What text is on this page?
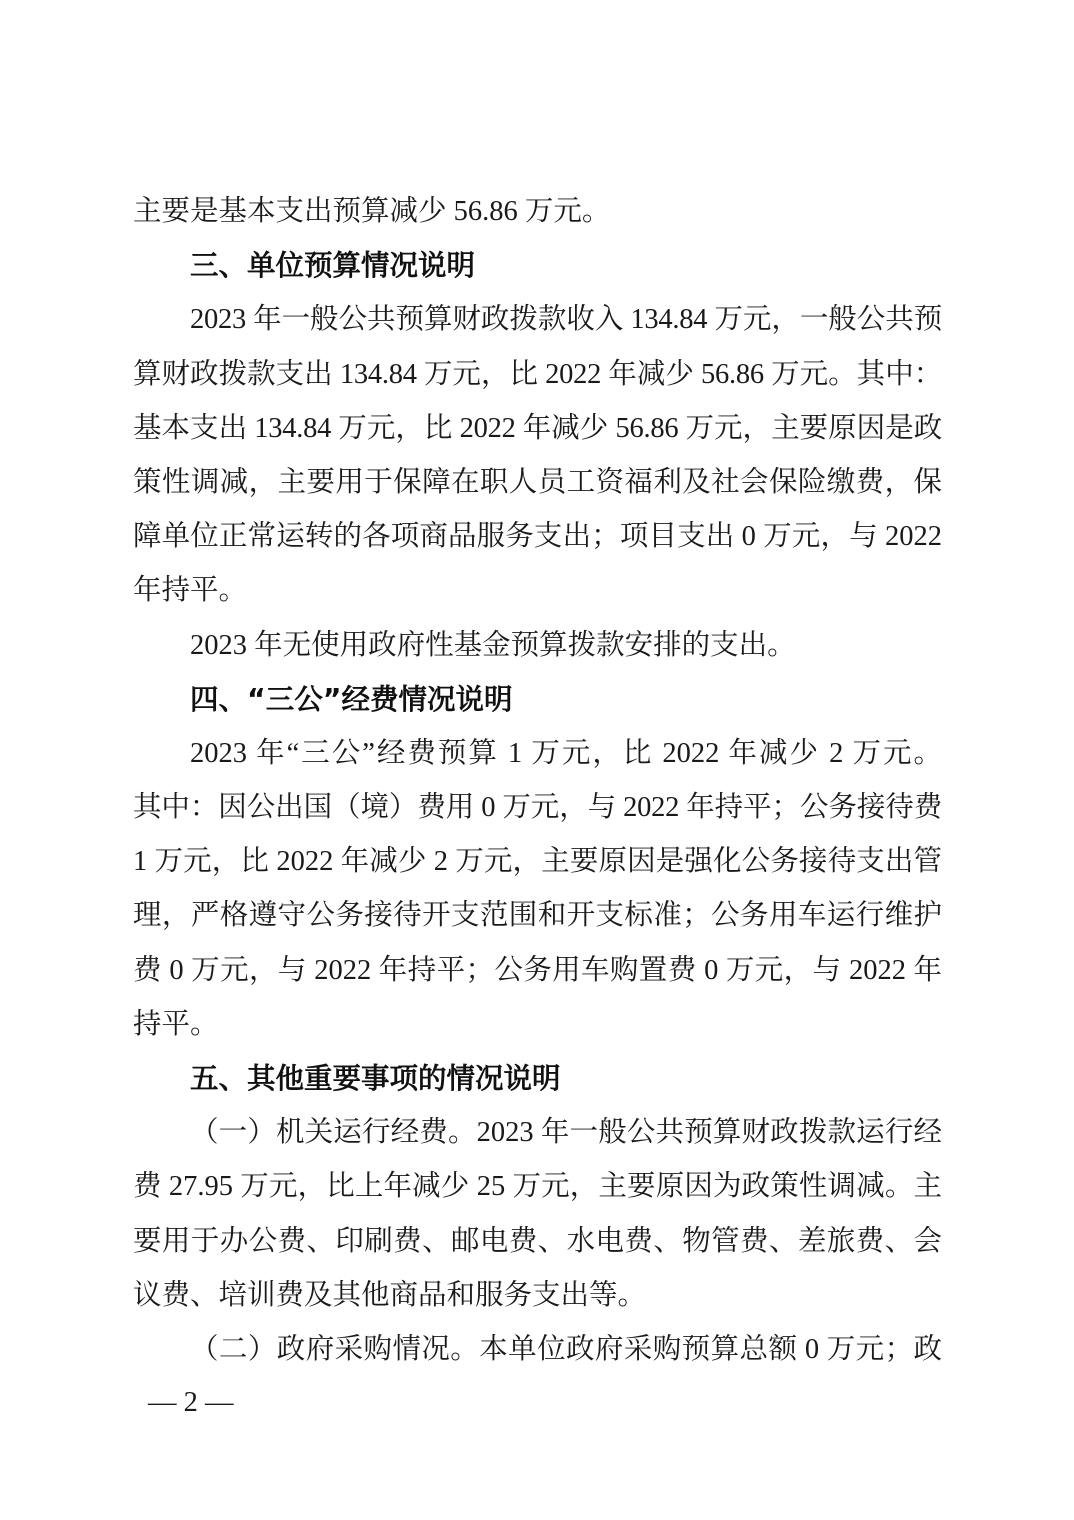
主要是基本支出预算减少 56.86 万元。
三、单位预算情况说明
2023 年一般公共预算财政拨款收入 134.84 万元，一般公共预
算财政拨款支出 134.84 万元，比 2022 年减少 56.86 万元。其中：
基本支出 134.84 万元，比 2022 年减少 56.86 万元，主要原因是政
策性调减，主要用于保障在职人员工资福利及社会保险缴费，保
障单位正常运转的各项商品服务支出；项目支出 0 万元，与 2022
年持平。
2023 年无使用政府性基金预算拨款安排的支出。
四、“三公”经费情况说明
2023 年“三公”经费预算 1 万元，比 2022 年减少 2 万元。
其中：因公出国（境）费用 0 万元，与 2022 年持平；公务接待费
1 万元，比 2022 年减少 2 万元，主要原因是强化公务接待支出管
理，严格遵守公务接待开支范围和开支标准；公务用车运行维护
费 0 万元，与 2022 年持平；公务用车购置费 0 万元，与 2022 年
持平。
五、其他重要事项的情况说明
（一）机关运行经费。2023 年一般公共预算财政拨款运行经
费 27.95 万元，比上年减少 25 万元，主要原因为政策性调减。主
要用于办公费、印刷费、邮电费、水电费、物管费、差旅费、会
议费、培训费及其他商品和服务支出等。
（二）政府采购情况。本单位政府采购预算总额 0 万元；政
— 2 —
